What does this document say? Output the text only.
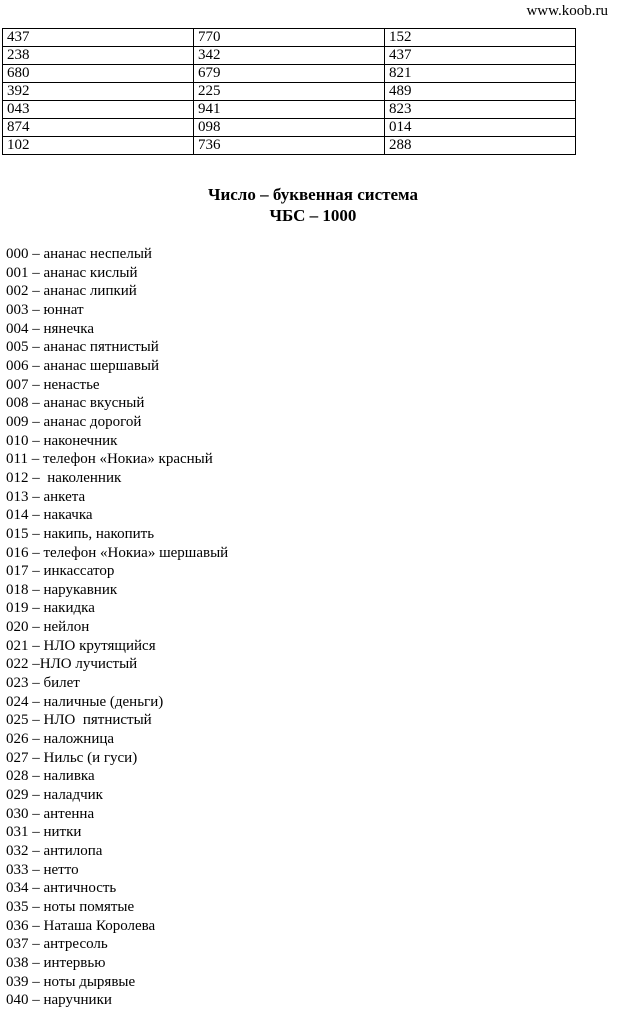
www.koob.ru
437	770	152
238	342	437
680	679	821
392	225	489
043	941	823
874	098	014
102	736	288
Число – буквенная система
ЧБС – 1000
000 – ананас неспелый
001 – ананас кислый
002 – ананас липкий
003 – юннат
004 – нянечка
005 – ананас пятнистый
006 – ананас шершавый
007 – ненастье
008 – ананас вкусный
009 – ананас дорогой
010 – наконечник
011 – телефон «Нокиа» красный
012 –  наколенник
013 – анкета
014 – накачка
015 – накипь, накопить
016 – телефон «Нокиа» шершавый
017 – инкассатор
018 – нарукавник
019 – накидка
020 – нейлон
021 – НЛО крутящийся
022 –НЛО лучистый
023 – билет
024 – наличные (деньги)
025 – НЛО  пятнистый
026 – наложница
027 – Нильс (и гуси)
028 – наливка
029 – наладчик
030 – антенна
031 – нитки
032 – антилопа
033 – нетто
034 – античность
035 – ноты помятые
036 – Наташа Королева
037 – антресоль
038 – интервью
039 – ноты дырявые
040 – наручники
